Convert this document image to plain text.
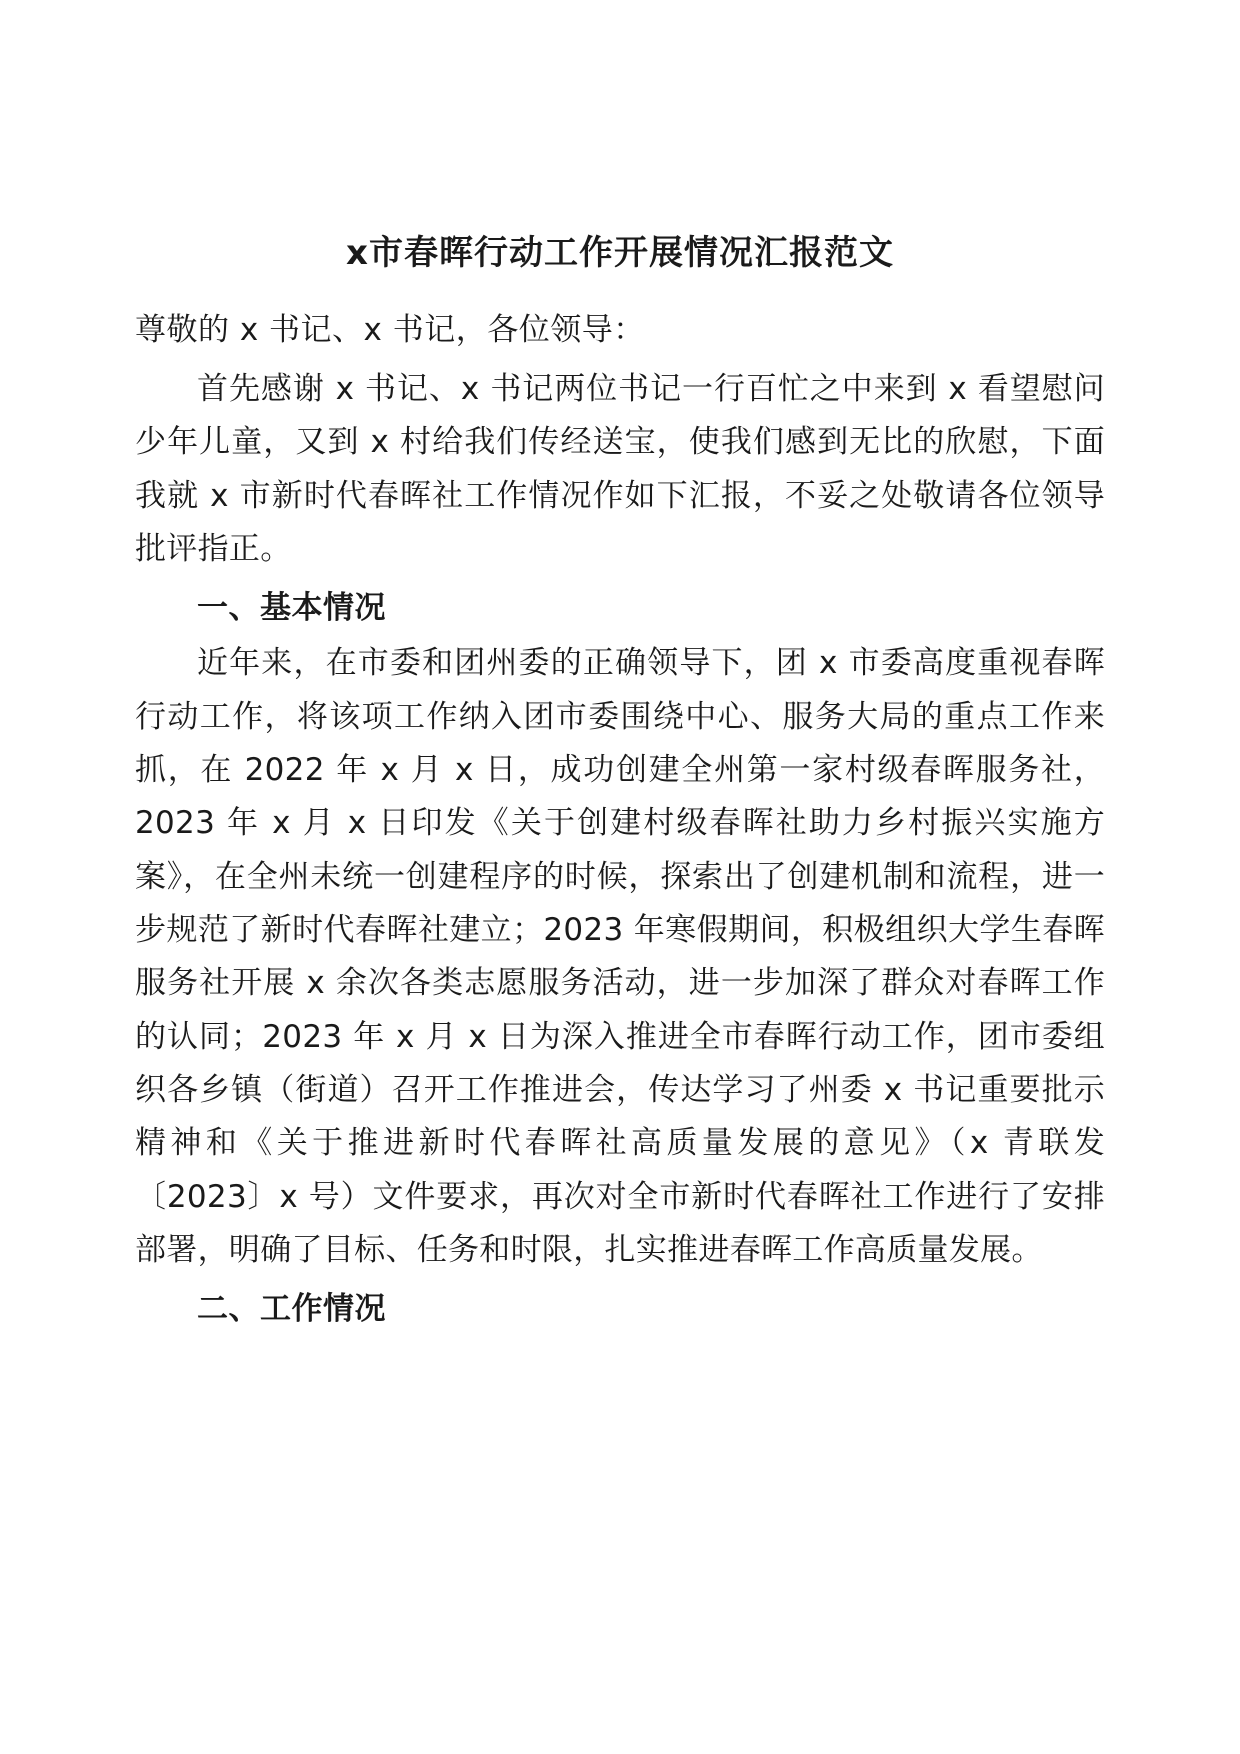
x市春晖行动工作开展情况汇报范文

尊敬的 x 书记、x 书记，各位领导：

首先感谢 x 书记、x 书记两位书记一行百忙之中来到 x 看望慰问少年儿童，又到 x 村给我们传经送宝，使我们感到无比的欣慰，下面我就 x 市新时代春晖社工作情况作如下汇报，不妥之处敬请各位领导批评指正。

一、基本情况

近年来，在市委和团州委的正确领导下，团 x 市委高度重视春晖行动工作，将该项工作纳入团市委围绕中心、服务大局的重点工作来抓，在 2022 年 x 月 x 日，成功创建全州第一家村级春晖服务社，2023 年 x 月 x 日印发《关于创建村级春晖社助力乡村振兴实施方案》，在全州未统一创建程序的时候，探索出了创建机制和流程，进一步规范了新时代春晖社建立；2023 年寒假期间，积极组织大学生春晖服务社开展 x 余次各类志愿服务活动，进一步加深了群众对春晖工作的认同；2023 年 x 月 x 日为深入推进全市春晖行动工作，团市委组织各乡镇（街道）召开工作推进会，传达学习了州委 x 书记重要批示精神和《关于推进新时代春晖社高质量发展的意见》（x 青联发〔2023〕x 号）文件要求，再次对全市新时代春晖社工作进行了安排部署，明确了目标、任务和时限，扎实推进春晖工作高质量发展。

二、工作情况
